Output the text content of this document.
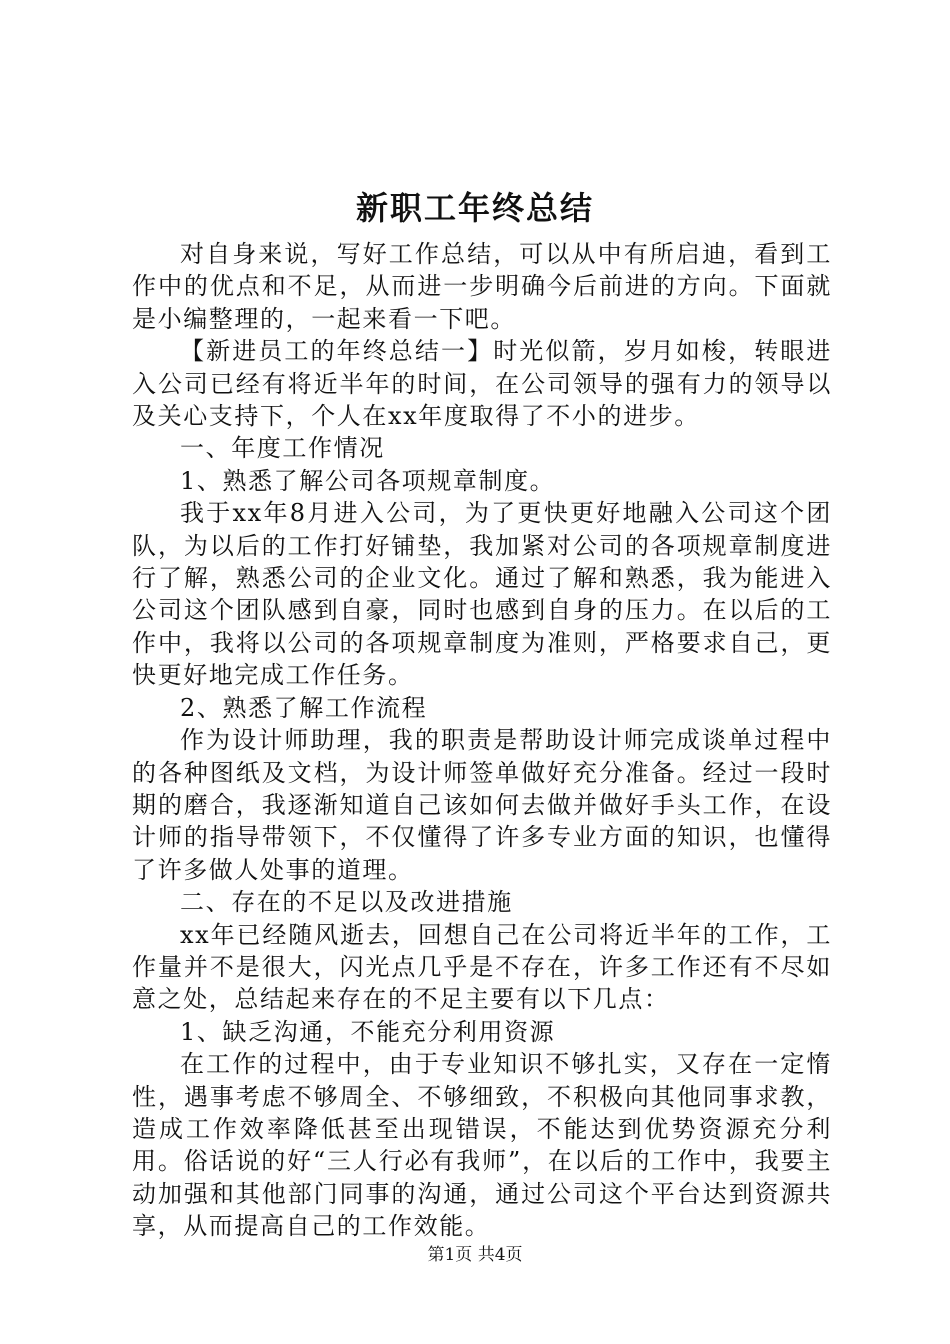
新职工年终总结

对自身来说，写好工作总结，可以从中有所启迪，看到工作中的优点和不足，从而进一步明确今后前进的方向。下面就是小编整理的，一起来看一下吧。

【新进员工的年终总结一】时光似箭，岁月如梭，转眼进入公司已经有将近半年的时间，在公司领导的强有力的领导以及关心支持下，个人在xx年度取得了不小的进步。

一、年度工作情况

1、熟悉了解公司各项规章制度。

我于xx年8月进入公司，为了更快更好地融入公司这个团队，为以后的工作打好铺垫，我加紧对公司的各项规章制度进行了解，熟悉公司的企业文化。通过了解和熟悉，我为能进入公司这个团队感到自豪，同时也感到自身的压力。在以后的工作中，我将以公司的各项规章制度为准则，严格要求自己，更快更好地完成工作任务。

2、熟悉了解工作流程

作为设计师助理，我的职责是帮助设计师完成谈单过程中的各种图纸及文档，为设计师签单做好充分准备。经过一段时期的磨合，我逐渐知道自己该如何去做并做好手头工作，在设计师的指导带领下，不仅懂得了许多专业方面的知识，也懂得了许多做人处事的道理。

二、存在的不足以及改进措施

xx年已经随风逝去，回想自己在公司将近半年的工作，工作量并不是很大，闪光点几乎是不存在，许多工作还有不尽如意之处，总结起来存在的不足主要有以下几点：

1、缺乏沟通，不能充分利用资源

在工作的过程中，由于专业知识不够扎实，又存在一定惰性，遇事考虑不够周全、不够细致，不积极向其他同事求教，造成工作效率降低甚至出现错误，不能达到优势资源充分利用。俗话说的好“三人行必有我师”，在以后的工作中，我要主动加强和其他部门同事的沟通，通过公司这个平台达到资源共享，从而提高自己的工作效能。

第1页 共4页
